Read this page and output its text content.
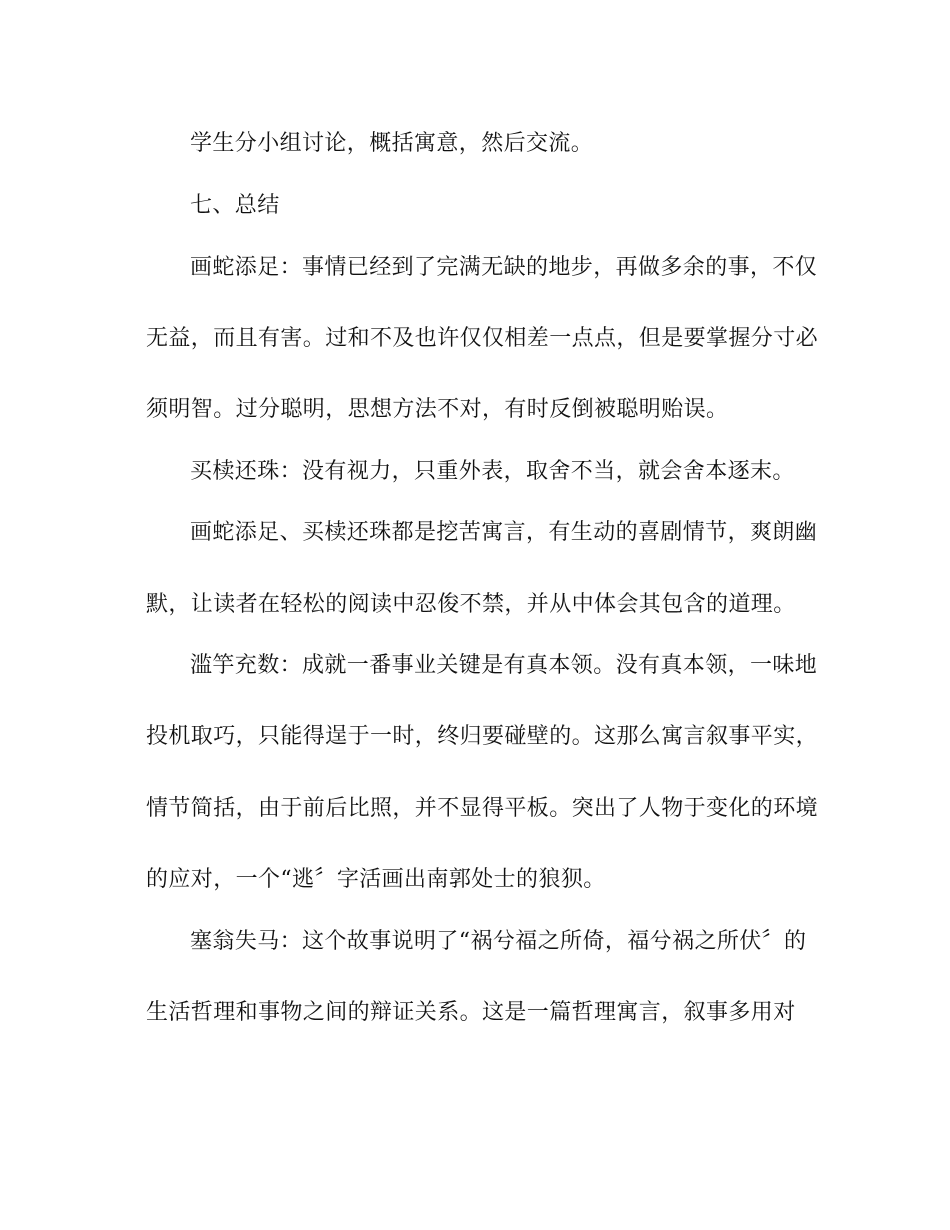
学生分小组讨论，概括寓意，然后交流。
七、总结
画蛇添足：事情已经到了完满无缺的地步，再做多余的事，不仅
无益，而且有害。过和不及也许仅仅相差一点点，但是要掌握分寸必
须明智。过分聪明，思想方法不对，有时反倒被聪明贻误。
买椟还珠：没有视力，只重外表，取舍不当，就会舍本逐末。
画蛇添足、买椟还珠都是挖苦寓言，有生动的喜剧情节，爽朗幽
默，让读者在轻松的阅读中忍俊不禁，并从中体会其包含的道理。
滥竽充数：成就一番事业关键是有真本领。没有真本领，一味地
投机取巧，只能得逞于一时，终归要碰壁的。这那么寓言叙事平实，
情节简括，由于前后比照，并不显得平板。突出了人物于变化的环境
的应对，一个“逃〞字活画出南郭处士的狼狈。
塞翁失马：这个故事说明了“祸兮福之所倚，福兮祸之所伏〞的
生活哲理和事物之间的辩证关系。这是一篇哲理寓言，叙事多用对
